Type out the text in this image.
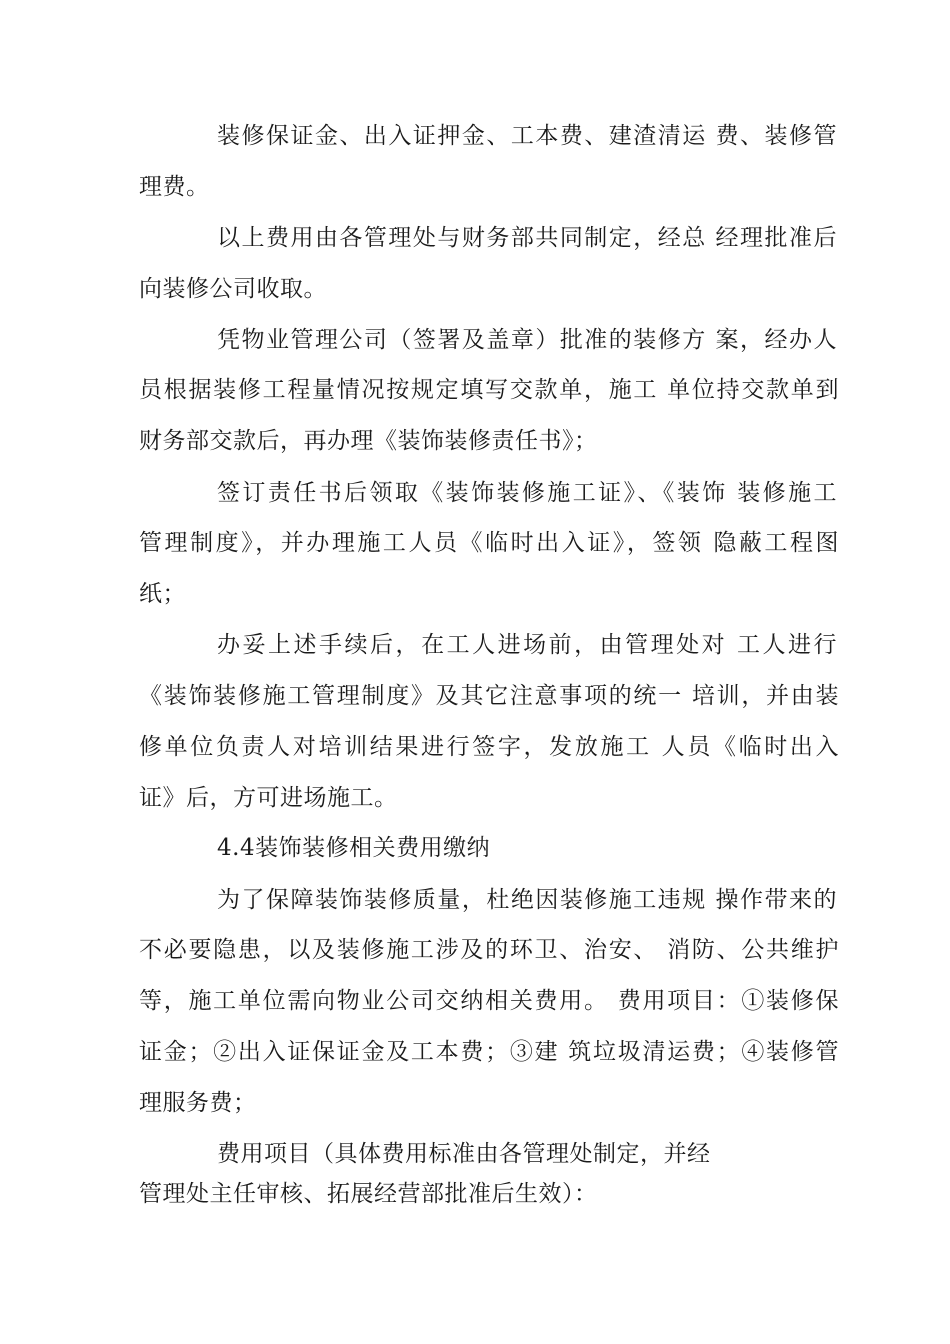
装修保证金、出入证押金、工本费、建渣清运 费、装修管
理费。
以上费用由各管理处与财务部共同制定，经总 经理批准后
向装修公司收取。
凭物业管理公司（签署及盖章）批准的装修方 案，经办人
员根据装修工程量情况按规定填写交款单，施工 单位持交款单到
财务部交款后，再办理《装饰装修责任书》；
签订责任书后领取《装饰装修施工证》、《装饰 装修施工
管理制度》，并办理施工人员《临时出入证》，签领 隐蔽工程图
纸；
办妥上述手续后，在工人进场前，由管理处对 工人进行
《装饰装修施工管理制度》及其它注意事项的统一 培训，并由装
修单位负责人对培训结果进行签字，发放施工 人员《临时出入
证》后，方可进场施工。
4.4装饰装修相关费用缴纳
为了保障装饰装修质量，杜绝因装修施工违规 操作带来的
不必要隐患，以及装修施工涉及的环卫、治安、 消防、公共维护
等，施工单位需向物业公司交纳相关费用。 费用项目：①装修保
证金；②出入证保证金及工本费；③建 筑垃圾清运费；④装修管
理服务费；
费用项目（具体费用标准由各管理处制定，并经
管理处主任审核、拓展经营部批准后生效）：
